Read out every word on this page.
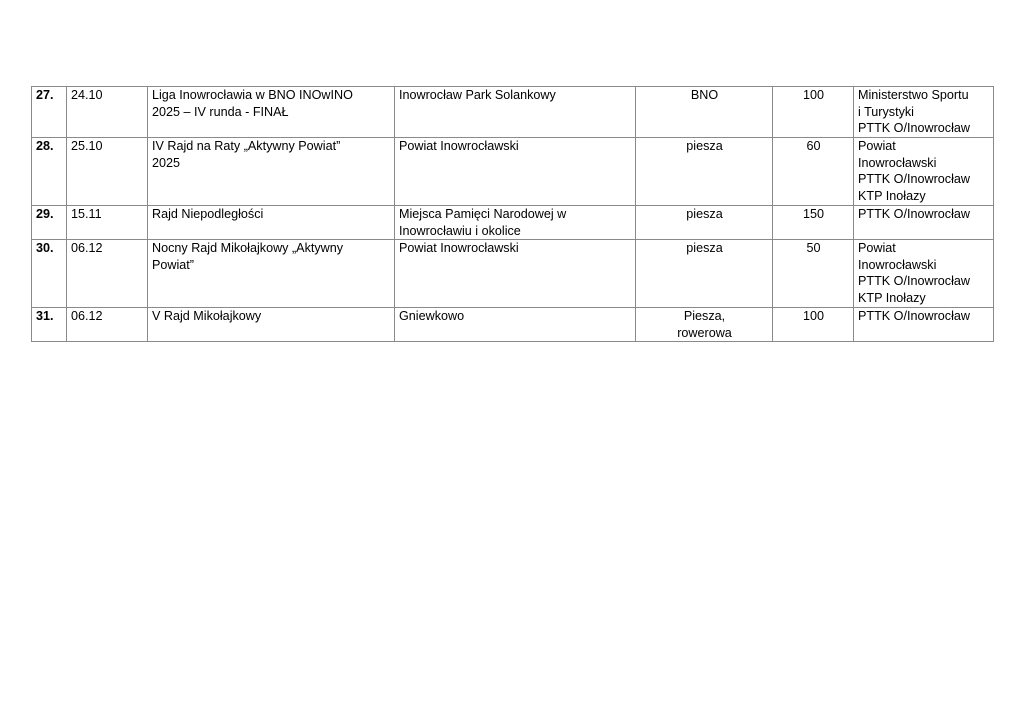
27.	24.10	Liga Inowrocławia w BNO INOwINO
2025 – IV runda - FINAŁ	Inowrocław Park Solankowy	BNO	100	Ministerstwo Sportu
i Turystyki
PTTK O/Inowrocław

28.	25.10	IV Rajd na Raty „Aktywny Powiat”
2025	Powiat Inowrocławski	piesza	60	Powiat
Inowrocławski
PTTK O/Inowrocław
KTP Inołazy

29.	15.11	Rajd Niepodległości	Miejsca Pamięci Narodowej w
Inowrocławiu i okolice	piesza	150	PTTK O/Inowrocław

30.	06.12	Nocny Rajd Mikołajkowy „Aktywny
Powiat”	Powiat Inowrocławski	piesza	50	Powiat
Inowrocławski
PTTK O/Inowrocław
KTP Inołazy

31.	06.12	V Rajd Mikołajkowy	Gniewkowo	Piesza,
rowerowa	100	PTTK O/Inowrocław
